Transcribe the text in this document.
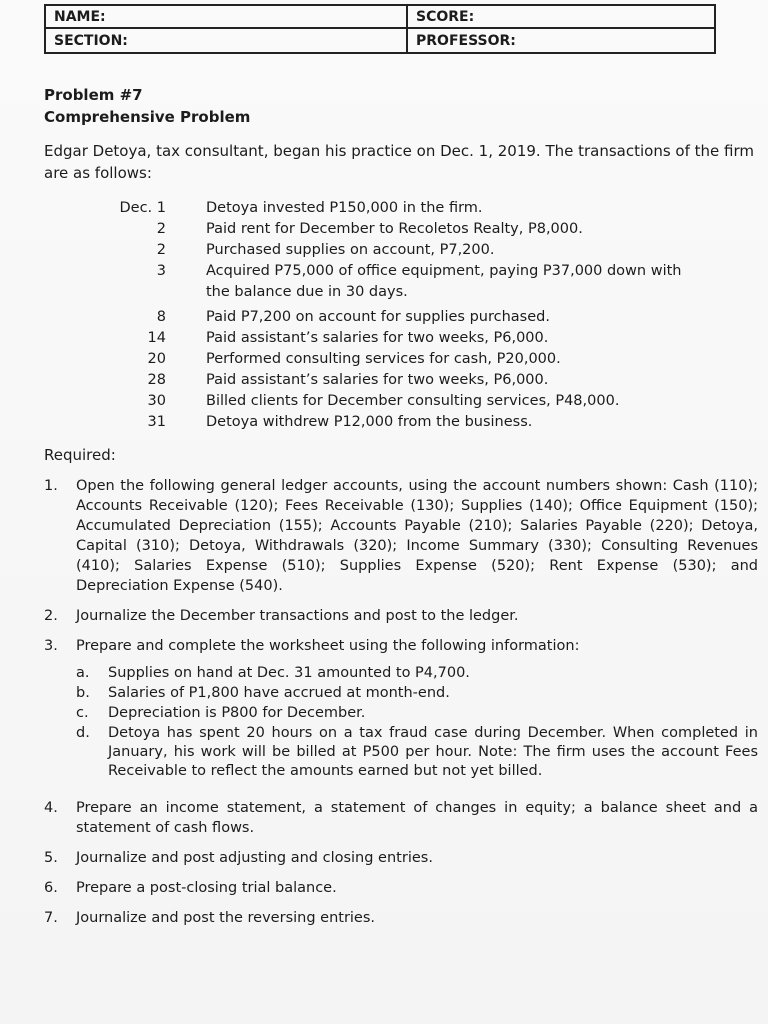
NAME:	SCORE:
SECTION:	PROFESSOR:
Problem #7
Comprehensive Problem
Edgar Detoya, tax consultant, began his practice on Dec. 1, 2019. The transactions of the firm are as follows:
Dec. 1	Detoya invested P150,000 in the firm.
2	Paid rent for December to Recoletos Realty, P8,000.
2	Purchased supplies on account, P7,200.
3	Acquired P75,000 of office equipment, paying P37,000 down with the balance due in 30 days.
8	Paid P7,200 on account for supplies purchased.
14	Paid assistant’s salaries for two weeks, P6,000.
20	Performed consulting services for cash, P20,000.
28	Paid assistant’s salaries for two weeks, P6,000.
30	Billed clients for December consulting services, P48,000.
31	Detoya withdrew P12,000 from the business.
Required:
1.	Open the following general ledger accounts, using the account numbers shown: Cash (110); Accounts Receivable (120); Fees Receivable (130); Supplies (140); Office Equipment (150); Accumulated Depreciation (155); Accounts Payable (210); Salaries Payable (220); Detoya, Capital (310); Detoya, Withdrawals (320); Income Summary (330); Consulting Revenues (410); Salaries Expense (510); Supplies Expense (520); Rent Expense (530); and Depreciation Expense (540).
2.	Journalize the December transactions and post to the ledger.
3.	Prepare and complete the worksheet using the following information:
a.	Supplies on hand at Dec. 31 amounted to P4,700.
b.	Salaries of P1,800 have accrued at month-end.
c.	Depreciation is P800 for December.
d.	Detoya has spent 20 hours on a tax fraud case during December. When completed in January, his work will be billed at P500 per hour. Note: The firm uses the account Fees Receivable to reflect the amounts earned but not yet billed.
4.	Prepare an income statement, a statement of changes in equity; a balance sheet and a statement of cash flows.
5.	Journalize and post adjusting and closing entries.
6.	Prepare a post-closing trial balance.
7.	Journalize and post the reversing entries.
